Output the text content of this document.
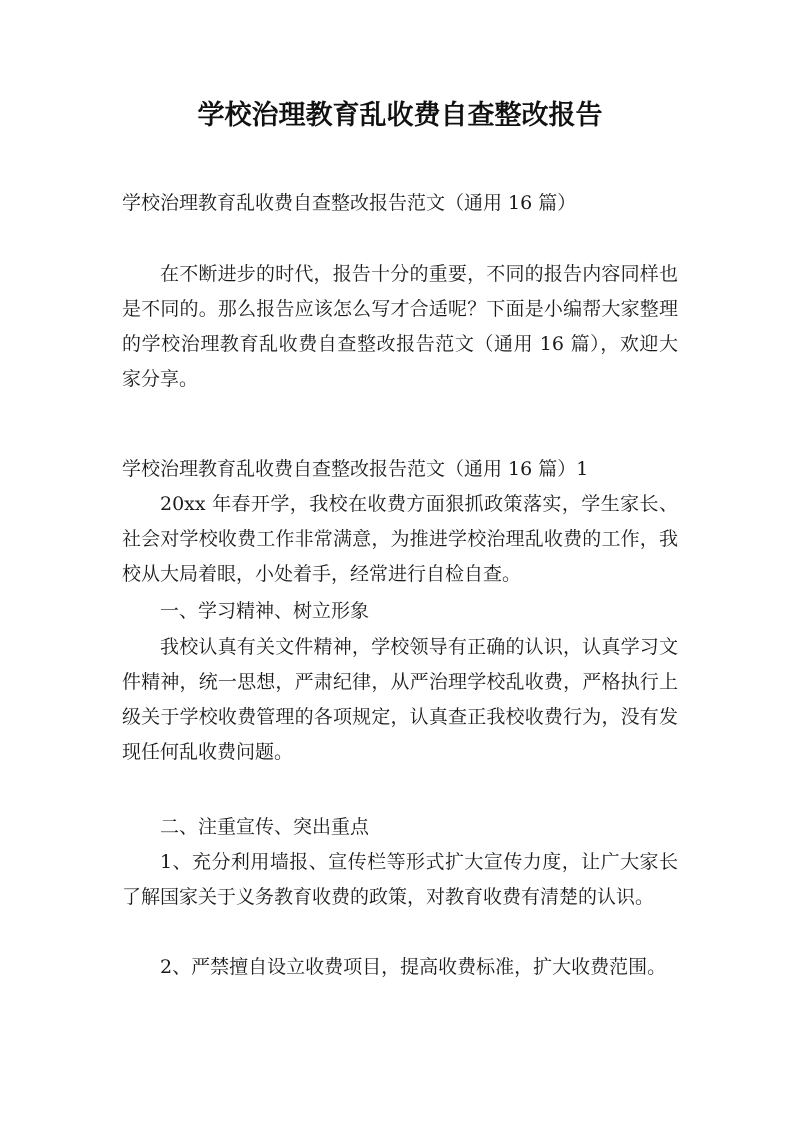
学校治理教育乱收费自查整改报告

学校治理教育乱收费自查整改报告范文（通用 16 篇）

在不断进步的时代，报告十分的重要，不同的报告内容同样也是不同的。那么报告应该怎么写才合适呢？下面是小编帮大家整理的学校治理教育乱收费自查整改报告范文（通用 16 篇），欢迎大家分享。

学校治理教育乱收费自查整改报告范文（通用 16 篇）1

20xx 年春开学，我校在收费方面狠抓政策落实，学生家长、社会对学校收费工作非常满意，为推进学校治理乱收费的工作，我校从大局着眼，小处着手，经常进行自检自查。

一、学习精神、树立形象

我校认真有关文件精神，学校领导有正确的认识，认真学习文件精神，统一思想，严肃纪律，从严治理学校乱收费，严格执行上级关于学校收费管理的各项规定，认真查正我校收费行为，没有发现任何乱收费问题。

二、注重宣传、突出重点

1、充分利用墙报、宣传栏等形式扩大宣传力度，让广大家长了解国家关于义务教育收费的政策，对教育收费有清楚的认识。

2、严禁擅自设立收费项目，提高收费标准，扩大收费范围。
